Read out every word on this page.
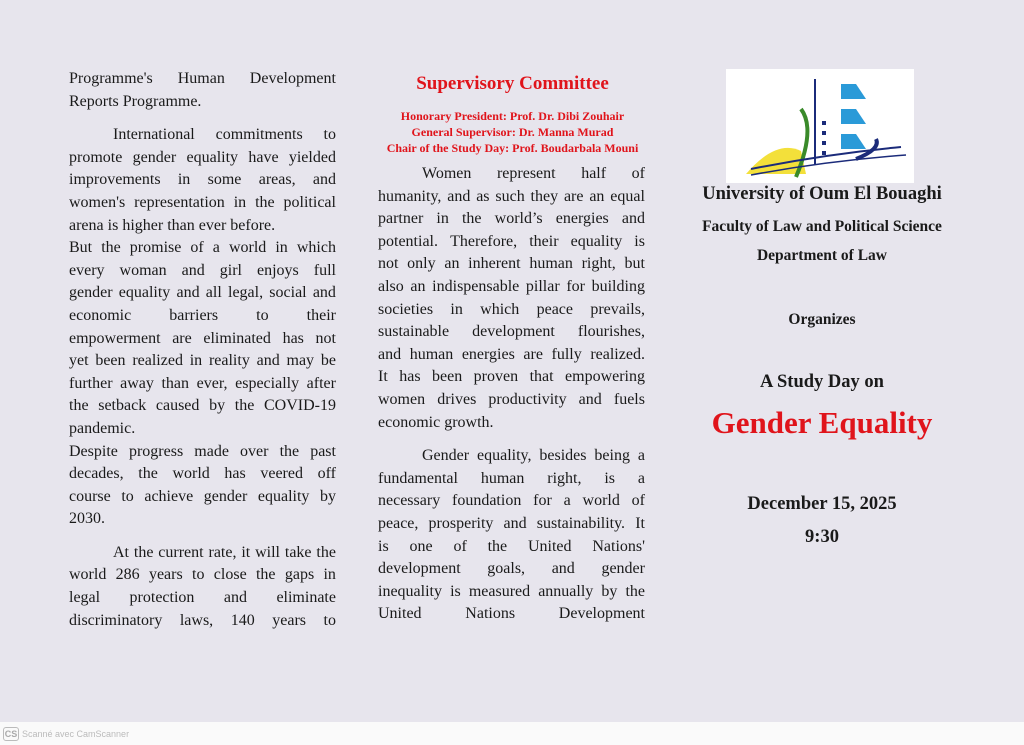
Programme's Human Development
Reports Programme.
International commitments to
promote gender equality have yielded
improvements in some areas, and
women's representation in the political
arena is higher than ever before.
But the promise of a world in which
every woman and girl enjoys full
gender equality and all legal, social and
economic barriers to their
empowerment are eliminated has not
yet been realized in reality and may be
further away than ever, especially after
the setback caused by the COVID-19
pandemic.
Despite progress made over the past
decades, the world has veered off
course to achieve gender equality by
2030.
At the current rate, it will take the
world 286 years to close the gaps in
legal protection and eliminate
discriminatory laws, 140 years to
Supervisory Committee
Honorary President: Prof. Dr. Dibi Zouhair
General Supervisor: Dr. Manna Murad
Chair of the Study Day: Prof. Boudarbala Mouni
Women represent half of
humanity, and as such they are an equal
partner in the world’s energies and
potential. Therefore, their equality is
not only an inherent human right, but
also an indispensable pillar for building
societies in which peace prevails,
sustainable development flourishes,
and human energies are fully realized.
It has been proven that empowering
women drives productivity and fuels
economic growth.
Gender equality, besides being a
fundamental human right, is a
necessary foundation for a world of
peace, prosperity and sustainability. It
is one of the United Nations'
development goals, and gender
inequality is measured annually by the
United	Nations	Development
University of Oum El Bouaghi
Faculty of Law and Political Science
Department of Law
Organizes
A Study Day on
Gender Equality
December 15, 2025
9:30
CS Scanné avec CamScanner
